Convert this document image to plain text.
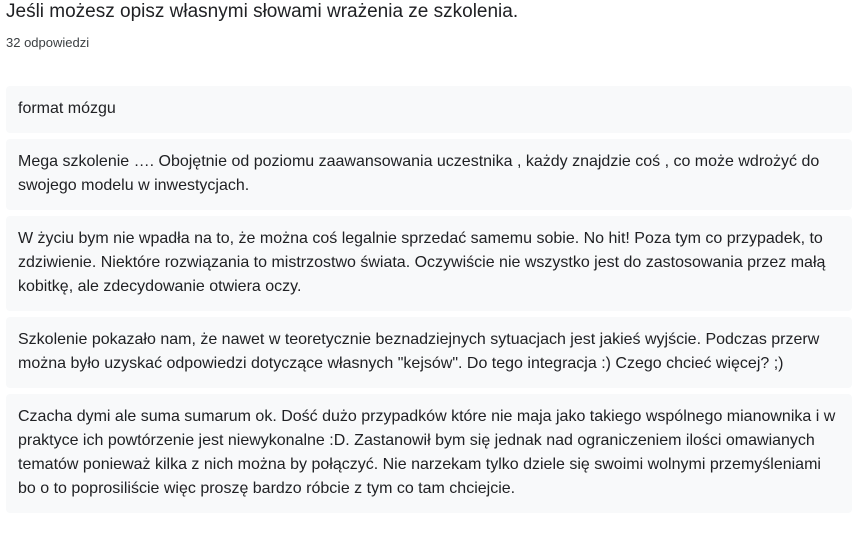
Jeśli możesz opisz własnymi słowami wrażenia ze szkolenia.
32 odpowiedzi
format mózgu
Mega szkolenie …. Obojętnie od poziomu zaawansowania uczestnika , każdy znajdzie coś , co może wdrożyć do swojego modelu w inwestycjach.
W życiu bym nie wpadła na to, że można coś legalnie sprzedać samemu sobie. No hit! Poza tym co przypadek, to zdziwienie. Niektóre rozwiązania to mistrzostwo świata. Oczywiście nie wszystko jest do zastosowania przez małą kobitkę, ale zdecydowanie otwiera oczy.
Szkolenie pokazało nam, że nawet w teoretycznie beznadziejnych sytuacjach jest jakieś wyjście. Podczas przerw można było uzyskać odpowiedzi dotyczące własnych "kejsów". Do tego integracja :) Czego chcieć więcej? ;)
Czacha dymi ale suma sumarum ok. Dość dużo przypadków które nie maja jako takiego wspólnego mianownika i w praktyce ich powtórzenie jest niewykonalne :D. Zastanowił bym się jednak nad ograniczeniem ilości omawianych tematów ponieważ kilka z nich można by połączyć. Nie narzekam tylko dziele się swoimi wolnymi przemyśleniami bo o to poprosiliście więc proszę bardzo róbcie z tym co tam chciejcie.
